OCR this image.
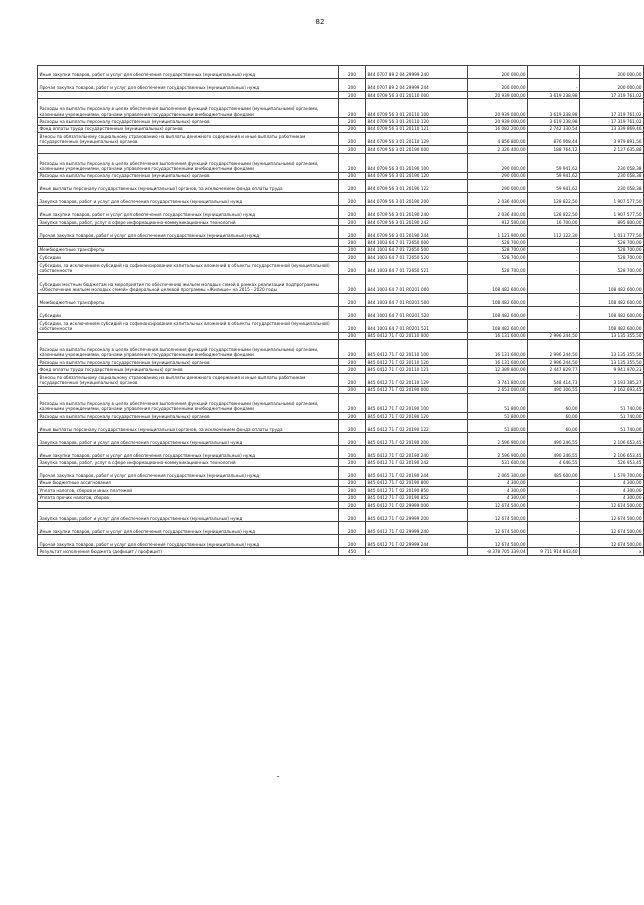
82
Иные закупки товаров, работ и услуг для обеспечения государственных (муниципальных) нужд	200	844 0707 89 2 04 29999 240	200 000,00	-	200 000,00
Прочая закупка товаров, работ и услуг для обеспечения государственных (муниципальных) нужд	200	844 0707 89 2 04 29999 244	200 000,00	-	200 000,00
	200	844 0709 56 3 01 20110 000	20 939 000,00	3 619 238,98	17 319 761,02
Расходы на выплаты персоналу в целях обеспечения выполнения функций государственными (муниципальными) органами, казенными учреждениями, органами управления государственными внебюджетными фондами	200	844 0709 56 3 01 20110 100	20 939 000,00	3 619 238,98	17 319 761,02
Расходы на выплаты персоналу государственных (муниципальных) органов	200	844 0709 56 3 01 20110 120	20 939 000,00	3 619 238,98	17 319 761,02
Фонд оплаты труда государственных (муниципальных) органов	200	844 0709 56 3 01 20110 121	16 082 200,00	2 742 330,54	13 339 869,46
Взносы по обязательному социальному страхованию на выплаты денежного содержания и иные выплаты работникам государственных (муниципальных) органов	200	844 0709 56 3 01 20110 129	4 856 800,00	876 908,44	3 979 891,56
	200	844 0709 56 3 01 20190 000	2 326 400,00	188 764,12	2 137 635,88
Расходы на выплаты персоналу в целях обеспечения выполнения функций государственными (муниципальными) органами, казенными учреждениями, органами управления государственными внебюджетными фондами	200	844 0709 56 3 01 20190 100	290 000,00	59 941,62	230 058,38
Расходы на выплаты персоналу государственных (муниципальных) органов	200	844 0709 56 3 01 20190 120	290 000,00	59 941,62	230 058,38
Иные выплаты персоналу государственных (муниципальных) органов, за исключением фонда оплаты труда	200	844 0709 56 3 01 20190 122	290 000,00	59 941,62	230 058,38
Закупка товаров, работ и услуг для обеспечения государственных (муниципальных) нужд	200	844 0709 56 3 01 20190 200	2 036 400,00	128 822,50	1 907 577,50
Иные закупки товаров, работ и услуг для обеспечения государственных (муниципальных) нужд	200	844 0709 56 3 01 20190 240	2 036 400,00	128 822,50	1 907 577,50
Закупка товаров, работ, услуг в сфере информационно-коммуникационных технологий	200	844 0709 56 3 01 20190 242	912 500,00	16 700,00	895 800,00
Прочая закупка товаров, работ и услуг для обеспечения государственных (муниципальных) нужд	200	844 0709 56 3 01 20190 244	1 123 900,00	112 122,30	1 011 777,50
	200	844 1003 64 7 01 72650 000	528 700,00	-	528 700,00
Межбюджетные трансферты	200	844 1003 64 7 01 72650 500	528 700,00	-	528 700,00
Субсидии	200	844 1003 64 7 01 72650 520	528 700,00	-	528 700,00
Субсидии, за исключением субсидий на софинансирование капитальных вложений в объекты государственной (муниципальной) собственности	200	844 1003 64 7 01 72650 521	528 700,00	-	528 700,00
Субсидии местным бюджетам на мероприятия по обеспечению жильем молодых семей в рамках реализации подпрограммы «Обеспечение жильем молодых семей» федеральной целевой программы «Жилище» на 2015 - 2020 годы	200	844 1003 64 7 01 R0201 000	108 482 600,00	-	108 482 600,00
Межбюджетные трансферты	200	844 1003 64 7 01 R0201 500	108 482 600,00	-	108 482 600,00
Субсидии	200	844 1003 64 7 01 R0201 520	108 482 600,00	-	108 482 600,00
Субсидии, за исключением субсидий на софинансирование капитальных вложений в объекты государственной (муниципальной) собственности	200	844 1003 64 7 01 R0201 521	108 482 600,00	-	108 482 600,00
	200	845 0412 71 Г 02 20110 000	16 131 600,00	2 996 244,50	13 135 355,50
Расходы на выплаты персоналу в целях обеспечения выполнения функций государственными (муниципальными) органами, казенными учреждениями, органами управления государственными внебюджетными фондами	200	845 0412 71 Г 02 20110 100	16 131 600,00	2 996 244,50	13 135 355,50
Расходы на выплаты персоналу государственных (муниципальных) органов	200	845 0412 71 Г 02 20110 120	16 131 600,00	2 996 244,50	13 135 355,50
Фонд оплаты труда государственных (муниципальных) органов	200	845 0412 71 Г 02 20110 121	12 389 800,00	2 447 829,77	9 941 970,23
Взносы по обязательному социальному страхованию на выплаты денежного содержания и иные выплаты работникам государственных (муниципальных) органов	200	845 0412 71 Г 02 20110 129	3 741 800,00	548 414,73	3 193 385,27
	200	845 0412 71 Г 02 20190 000	2 653 000,00	490 306,55	2 162 693,45
Расходы на выплаты персоналу в целях обеспечения выполнения функций государственными (муниципальными) органами, казенными учреждениями, органами управления государственными внебюджетными фондами	200	845 0412 71 Г 02 20190 100	51 800,00	60,00	51 740,00
Расходы на выплаты персоналу государственных (муниципальных) органов	200	845 0412 71 Г 02 20190 120	51 800,00	60,00	51 740,00
Иные выплаты персоналу государственных (муниципальных) органов, за исключением фонда оплаты труда	200	845 0412 71 Г 02 20190 122	51 800,00	60,00	51 740,00
Закупка товаров, работ и услуг для обеспечения государственных (муниципальных) нужд	200	845 0412 71 Г 02 20190 200	2 596 900,00	490 246,55	2 106 653,45
Иные закупки товаров, работ и услуг для обеспечения государственных (муниципальных) нужд	200	845 0412 71 Г 02 20190 240	2 596 900,00	490 246,55	2 106 653,45
Закупка товаров, работ, услуг в сфере информационно-коммуникационных технологий	200	845 0412 71 Г 02 20190 242	531 600,00	4 646,55	526 953,45
Прочая закупка товаров, работ и услуг для обеспечения государственных (муниципальных) нужд	200	845 0412 71 Г 02 20190 244	2 065 300,00	485 600,00	1 579 700,00
Иные бюджетные ассигнования	200	845 0412 71 Г 02 20190 800	4 300,00	-	4 300,00
Уплата налогов, сборов и иных платежей	200	845 0412 71 Г 02 20190 850	4 300,00	-	4 300,00
Уплата прочих налогов, сборов	200	845 0412 71 Г 02 20190 852	4 300,00	-	4 300,00
	200	845 0412 71 Г 02 29999 000	12 674 500,00	-	12 674 500,00
Закупка товаров, работ и услуг для обеспечения государственных (муниципальных) нужд	200	845 0412 71 Г 02 29999 200	12 674 500,00	-	12 674 500,00
Иные закупки товаров, работ и услуг для обеспечения государственных (муниципальных) нужд	200	845 0412 71 Г 02 29999 240	12 674 500,00	-	12 674 500,00
Прочая закупка товаров, работ и услуг для обеспечения государственных (муниципальных) нужд	200	845 0412 71 Г 02 29999 244	12 674 500,00	-	12 674 500,00
Результат исполнения бюджета (дефицит / профицит)	450	x	-8 378 705 339,04	9 711 914 843,40	x
